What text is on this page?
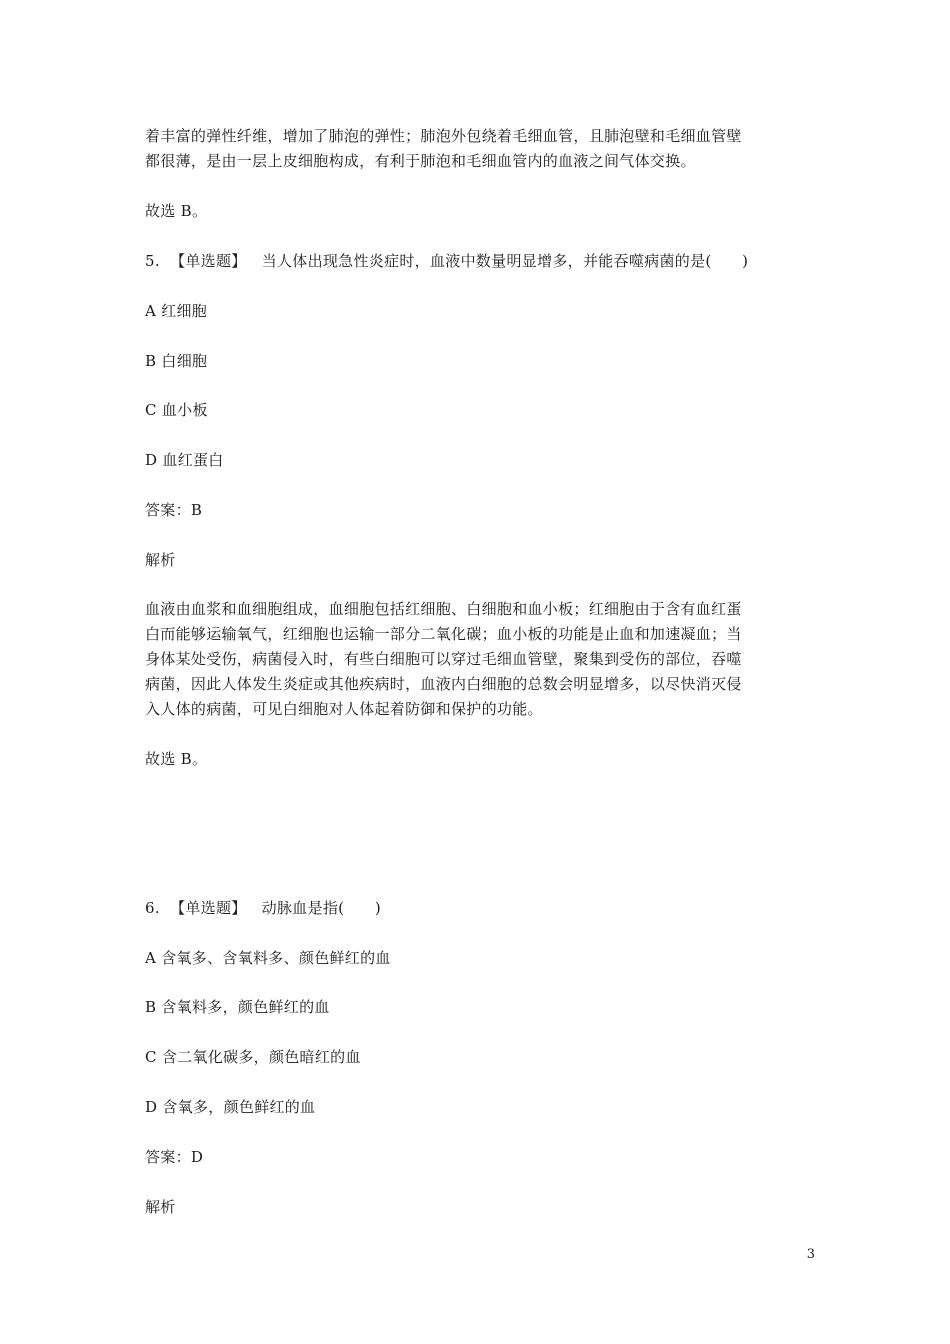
着丰富的弹性纤维，增加了肺泡的弹性；肺泡外包绕着毛细血管，且肺泡壁和毛细血管壁
都很薄，是由一层上皮细胞构成，有利于肺泡和毛细血管内的血液之间气体交换。
故选 B。
5. 【单选题】 当人体出现急性炎症时，血液中数量明显增多，并能吞噬病菌的是(　　)
A 红细胞
B 白细胞
C 血小板
D 血红蛋白
答案：B
解析
血液由血浆和血细胞组成，血细胞包括红细胞、白细胞和血小板；红细胞由于含有血红蛋
白而能够运输氧气，红细胞也运输一部分二氧化碳；血小板的功能是止血和加速凝血；当
身体某处受伤，病菌侵入时，有些白细胞可以穿过毛细血管壁，聚集到受伤的部位，吞噬
病菌，因此人体发生炎症或其他疾病时，血液内白细胞的总数会明显增多，以尽快消灭侵
入人体的病菌，可见白细胞对人体起着防御和保护的功能。
故选 B。
6. 【单选题】 动脉血是指(　　)
A 含氧多、含氧料多、颜色鲜红的血
B 含氧料多，颜色鲜红的血
C 含二氧化碳多，颜色暗红的血
D 含氧多，颜色鲜红的血
答案：D
解析
3
